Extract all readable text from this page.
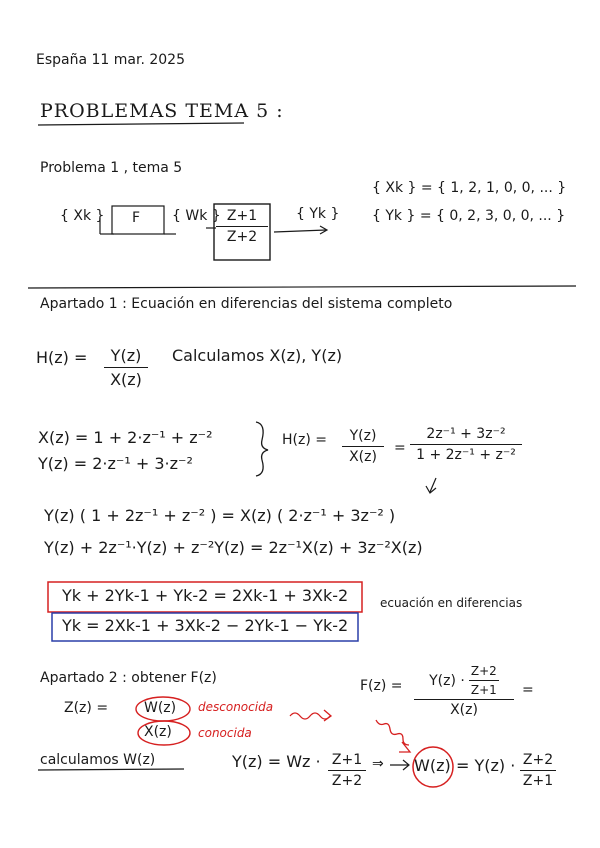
España 11 mar. 2025
PROBLEMAS TEMA 5 :
Problema 1 , tema 5
{ Xk } F { Wk } Z+1
Z+2
{ Yk }
{ Xk } = { 1, 2, 1, 0, 0, ... }
{ Yk } = { 0, 2, 3, 0, 0, ... }
Apartado 1 : Ecuación en diferencias del sistema completo
H(z) =	Y(z)
X(z)
Calculamos X(z), Y(z)
X(z) = 1 + 2·z⁻¹ + z⁻²
Y(z) = 2·z⁻¹ + 3·z⁻²
H(z) =	Y(z)
X(z)
=
2z⁻¹ + 3z⁻²
1 + 2z⁻¹ + z⁻²
Y(z) ( 1 + 2z⁻¹ + z⁻² ) = X(z) ( 2·z⁻¹ + 3z⁻² )
Y(z) + 2z⁻¹·Y(z) + z⁻²Y(z) = 2z⁻¹X(z) + 3z⁻²X(z)
Yk + 2Yk-1 + Yk-2 = 2Xk-1 + 3Xk-2	ecuación en diferencias
Yk = 2Xk-1 + 3Xk-2 − 2Yk-1 − Yk-2
Apartado 2 : obtener F(z)
Z(z) =	W(z) desconocida
X(z) conocida
$F(z) = Y(z) \cdot \frac{Z+2}{Z+1}$
X(z)
=
calculamos W(z)	Y(z) = Wz · Z+1
Z+2
⇒ W(z) = Y(z) · Z+2
Z+1
